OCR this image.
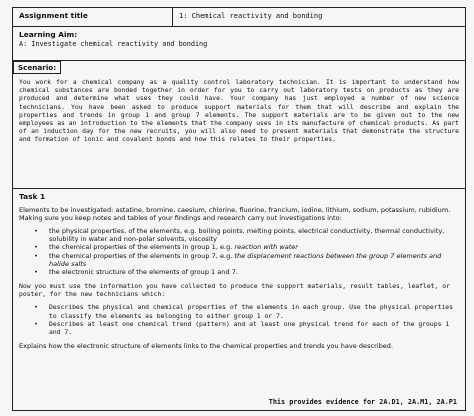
Assignment title	1: Chemical reactivity and bonding
Learning Aim:
A: Investigate chemical reactivity and bonding
Scenario:
You work for a chemical company as a quality control laboratory technician. It is important to understand how chemical substances are bonded together in order for you to carry out laboratory tests on products as they are produced and determine what uses they could have. Your company has just employed a number of new science technicians. You have been asked to produce support materials for them that will describe and explain the properties and trends in group 1 and group 7 elements. The support materials are to be given out to the new employees as an introduction to the elements that the company uses in its manufacture of chemical products. As part of an induction day for the new recruits, you will also need to present materials that demonstrate the structure and formation of ionic and covalent bonds and how this relates to their properties.
Task 1

Elements to be investigated: astatine, bromine, caesium, chlorine, fluorine, francium, iodine, lithium, sodium, potassium, rubidium.

Making sure you keep notes and tables of your findings and research carry out investigations into:

• the physical properties, of the elements, e.g. boiling points, melting points, electrical conductivity, thermal conductivity, solubility in water and non-polar solvents, viscosity
• the chemical properties of the elements in group 1, e.g. reaction with water
• the chemical properties of the elements in group 7, e.g. the displacement reactions between the group 7 elements and halide salts
• the electronic structure of the elements of group 1 and 7.

Now you must use the information you have collected to produce the support materials, result tables, leaflet, or poster, for the new technicians which:

• Describes the physical and chemical properties of the elements in each group. Use the physical properties to classify the elements as belonging to either group 1 or 7.
• Describes at least one chemical trend (pattern) and at least one physical trend for each of the groups 1 and 7.

Explains how the electronic structure of elements links to the chemical properties and trends you have described.

This provides evidence for 2A.D1, 2A.M1, 2A.P1
